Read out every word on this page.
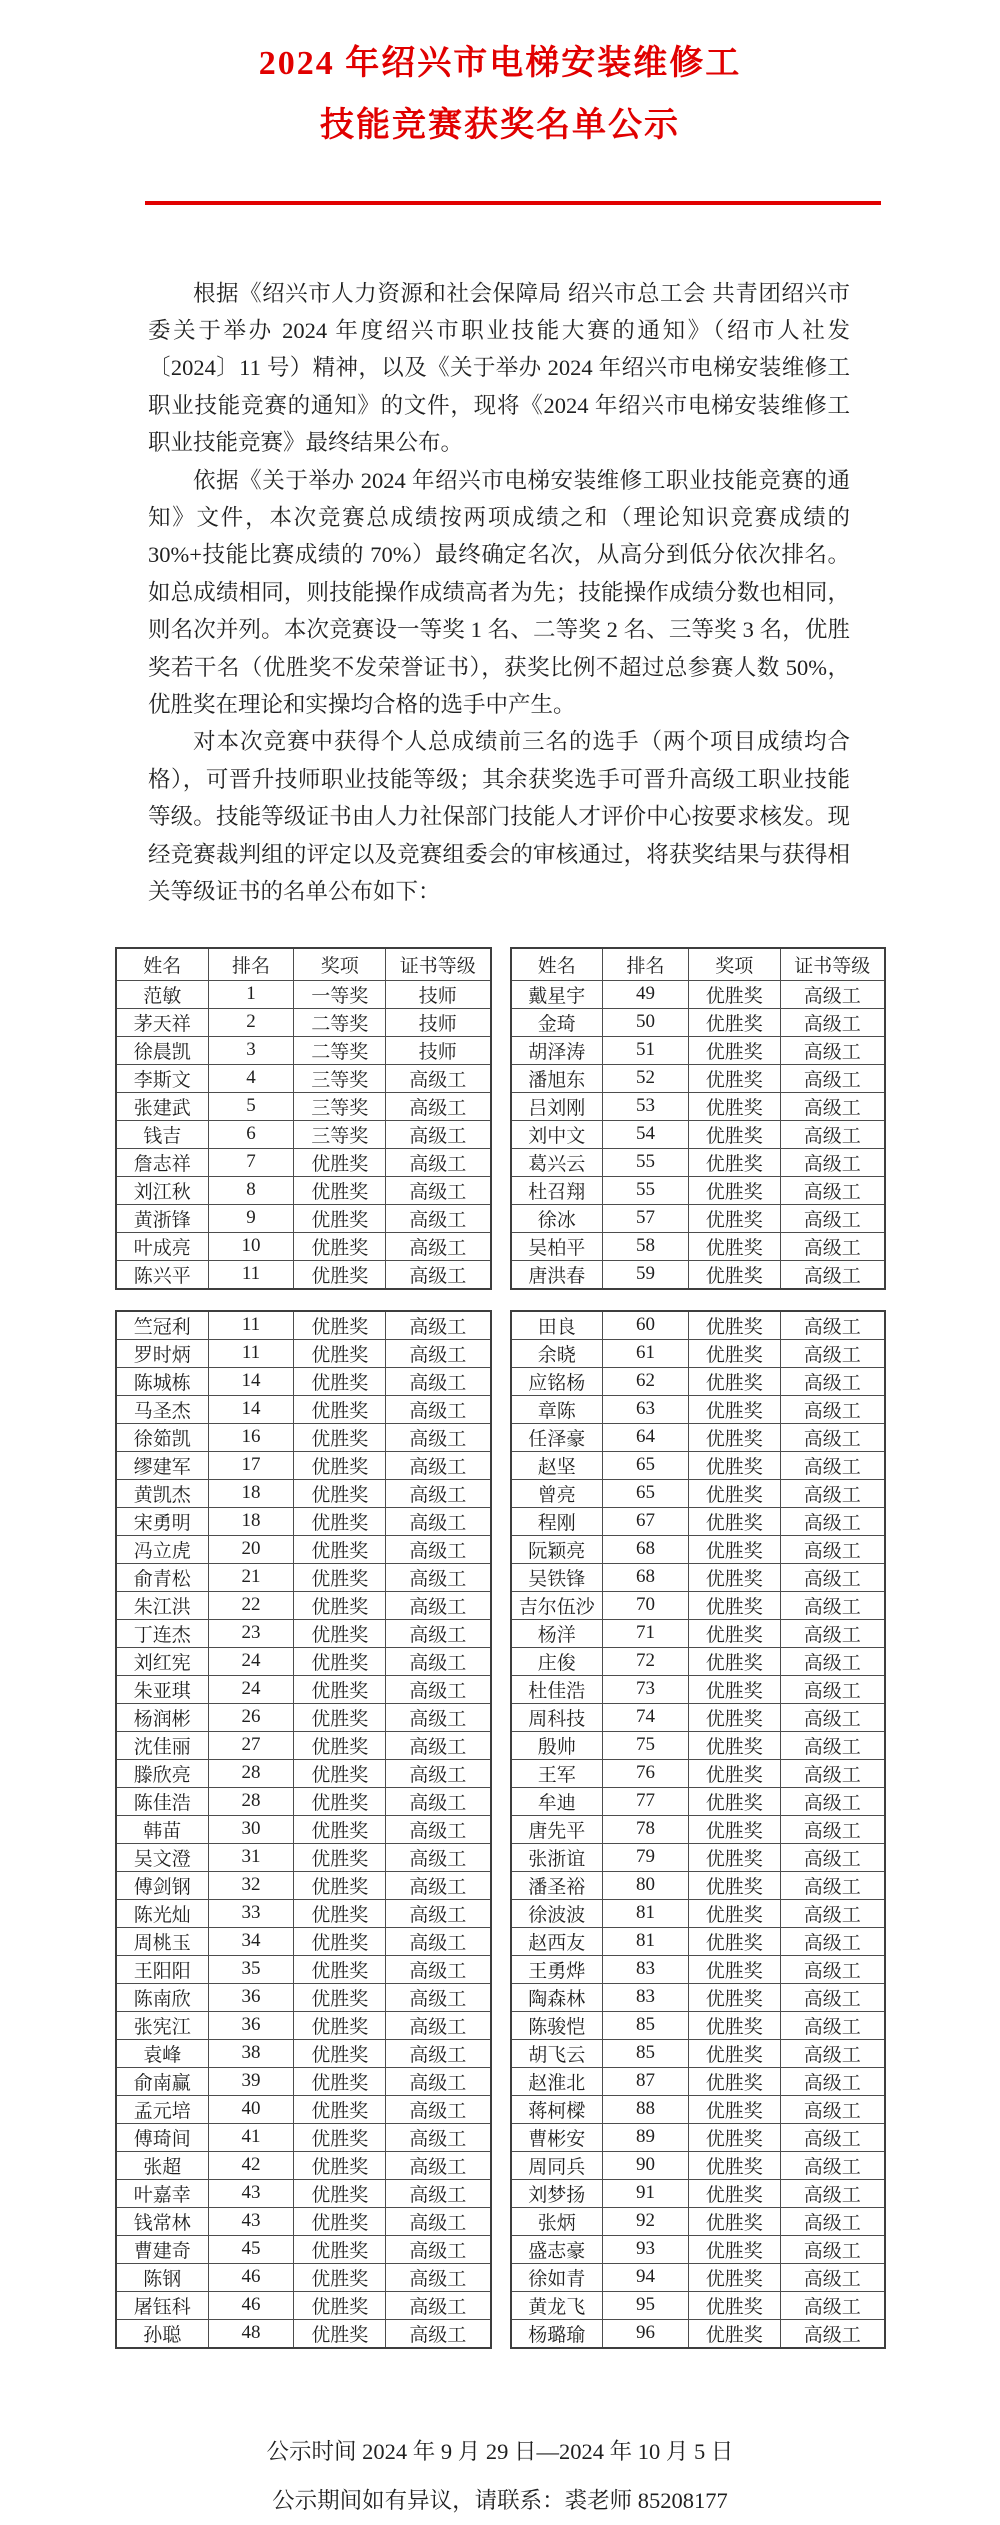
2024 年绍兴市电梯安装维修工
技能竞赛获奖名单公示

根据《绍兴市人力资源和社会保障局 绍兴市总工会 共青团绍兴市委关于举办 2024 年度绍兴市职业技能大赛的通知》（绍市人社发〔2024〕11 号）精神，以及《关于举办 2024 年绍兴市电梯安装维修工职业技能竞赛的通知》的文件，现将《2024 年绍兴市电梯安装维修工职业技能竞赛》最终结果公布。

依据《关于举办 2024 年绍兴市电梯安装维修工职业技能竞赛的通知》文件，本次竞赛总成绩按两项成绩之和（理论知识竞赛成绩的 30%+技能比赛成绩的 70%）最终确定名次，从高分到低分依次排名。如总成绩相同，则技能操作成绩高者为先；技能操作成绩分数也相同，则名次并列。本次竞赛设一等奖 1 名、二等奖 2 名、三等奖 3 名，优胜奖若干名（优胜奖不发荣誉证书），获奖比例不超过总参赛人数 50%，优胜奖在理论和实操均合格的选手中产生。

对本次竞赛中获得个人总成绩前三名的选手（两个项目成绩均合格），可晋升技师职业技能等级；其余获奖选手可晋升高级工职业技能等级。技能等级证书由人力社保部门技能人才评价中心按要求核发。现经竞赛裁判组的评定以及竞赛组委会的审核通过，将获奖结果与获得相关等级证书的名单公布如下：

姓名	排名	奖项	证书等级
范敏	1	一等奖	技师
茅天祥	2	二等奖	技师
徐晨凯	3	二等奖	技师
李斯文	4	三等奖	高级工
张建武	5	三等奖	高级工
钱吉	6	三等奖	高级工
詹志祥	7	优胜奖	高级工
刘江秋	8	优胜奖	高级工
黄浙锋	9	优胜奖	高级工
叶成亮	10	优胜奖	高级工
陈兴平	11	优胜奖	高级工
竺冠利	11	优胜奖	高级工
罗时炳	11	优胜奖	高级工
陈城栋	14	优胜奖	高级工
马圣杰	14	优胜奖	高级工
徐筎凯	16	优胜奖	高级工
缪建军	17	优胜奖	高级工
黄凯杰	18	优胜奖	高级工
宋勇明	18	优胜奖	高级工
冯立虎	20	优胜奖	高级工
俞青松	21	优胜奖	高级工
朱江洪	22	优胜奖	高级工
丁连杰	23	优胜奖	高级工
刘红宪	24	优胜奖	高级工
朱亚琪	24	优胜奖	高级工
杨润彬	26	优胜奖	高级工
沈佳丽	27	优胜奖	高级工
滕欣亮	28	优胜奖	高级工
陈佳浩	28	优胜奖	高级工
韩苗	30	优胜奖	高级工
吴文澄	31	优胜奖	高级工
傅剑钢	32	优胜奖	高级工
陈光灿	33	优胜奖	高级工
周桃玉	34	优胜奖	高级工
王阳阳	35	优胜奖	高级工
陈南欣	36	优胜奖	高级工
张宪江	36	优胜奖	高级工
袁峰	38	优胜奖	高级工
俞南赢	39	优胜奖	高级工
孟元培	40	优胜奖	高级工
傅琦间	41	优胜奖	高级工
张超	42	优胜奖	高级工
叶嘉幸	43	优胜奖	高级工
钱常林	43	优胜奖	高级工
曹建奇	45	优胜奖	高级工
陈钢	46	优胜奖	高级工
屠钰科	46	优胜奖	高级工
孙聪	48	优胜奖	高级工
姓名	排名	奖项	证书等级
戴星宇	49	优胜奖	高级工
金琦	50	优胜奖	高级工
胡泽涛	51	优胜奖	高级工
潘旭东	52	优胜奖	高级工
吕刘刚	53	优胜奖	高级工
刘中文	54	优胜奖	高级工
葛兴云	55	优胜奖	高级工
杜召翔	55	优胜奖	高级工
徐冰	57	优胜奖	高级工
吴柏平	58	优胜奖	高级工
唐洪春	59	优胜奖	高级工
田良	60	优胜奖	高级工
余晓	61	优胜奖	高级工
应铭杨	62	优胜奖	高级工
章陈	63	优胜奖	高级工
任泽豪	64	优胜奖	高级工
赵坚	65	优胜奖	高级工
曾亮	65	优胜奖	高级工
程刚	67	优胜奖	高级工
阮颖亮	68	优胜奖	高级工
吴铁锋	68	优胜奖	高级工
吉尔伍沙	70	优胜奖	高级工
杨洋	71	优胜奖	高级工
庄俊	72	优胜奖	高级工
杜佳浩	73	优胜奖	高级工
周科技	74	优胜奖	高级工
殷帅	75	优胜奖	高级工
王军	76	优胜奖	高级工
牟迪	77	优胜奖	高级工
唐先平	78	优胜奖	高级工
张浙谊	79	优胜奖	高级工
潘圣裕	80	优胜奖	高级工
徐波波	81	优胜奖	高级工
赵西友	81	优胜奖	高级工
王勇烨	83	优胜奖	高级工
陶森林	83	优胜奖	高级工
陈骏恺	85	优胜奖	高级工
胡飞云	85	优胜奖	高级工
赵淮北	87	优胜奖	高级工
蒋柯樑	88	优胜奖	高级工
曹彬安	89	优胜奖	高级工
周同兵	90	优胜奖	高级工
刘梦扬	91	优胜奖	高级工
张炳	92	优胜奖	高级工
盛志豪	93	优胜奖	高级工
徐如青	94	优胜奖	高级工
黄龙飞	95	优胜奖	高级工
杨璐瑜	96	优胜奖	高级工

公示时间 2024 年 9 月 29 日—2024 年 10 月 5 日

公示期间如有异议，请联系：裘老师 85208177
